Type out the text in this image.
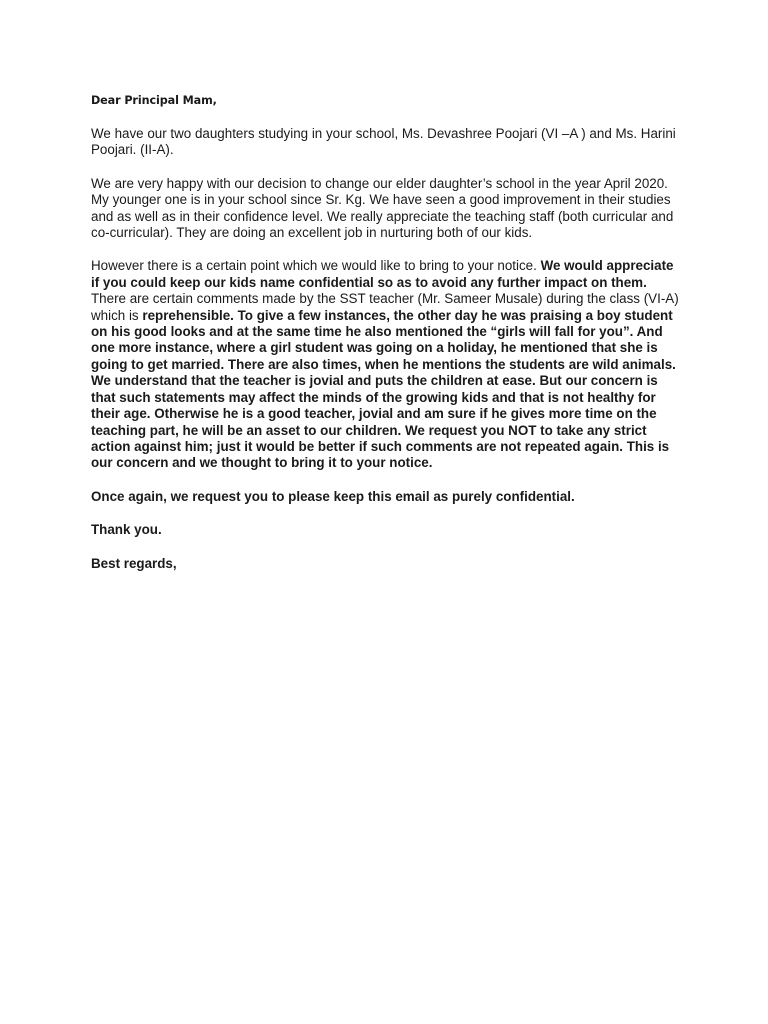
Dear Principal Mam,

We have our two daughters studying in your school, Ms. Devashree Poojari (VI –A ) and Ms. Harini Poojari. (II-A).

We are very happy with our decision to change our elder daughter’s school in the year April 2020. My younger one is in your school since Sr. Kg. We have seen a good improvement in their studies and as well as in their confidence level. We really appreciate the teaching staff (both curricular and co-curricular). They are doing an excellent job in nurturing both of our kids.

However there is a certain point which we would like to bring to your notice. We would appreciate if you could keep our kids name confidential so as to avoid any further impact on them. There are certain comments made by the SST teacher (Mr. Sameer Musale) during the class (VI-A) which is reprehensible. To give a few instances, the other day he was praising a boy student on his good looks and at the same time he also mentioned the “girls will fall for you”. And one more instance, where a girl student was going on a holiday, he mentioned that she is going to get married. There are also times, when he mentions the students are wild animals. We understand that the teacher is jovial and puts the children at ease. But our concern is that such statements may affect the minds of the growing kids and that is not healthy for their age. Otherwise he is a good teacher, jovial and am sure if he gives more time on the teaching part, he will be an asset to our children. We request you NOT to take any strict action against him; just it would be better if such comments are not repeated again. This is our concern and we thought to bring it to your notice.

Once again, we request you to please keep this email as purely confidential.

Thank you.

Best regards,
